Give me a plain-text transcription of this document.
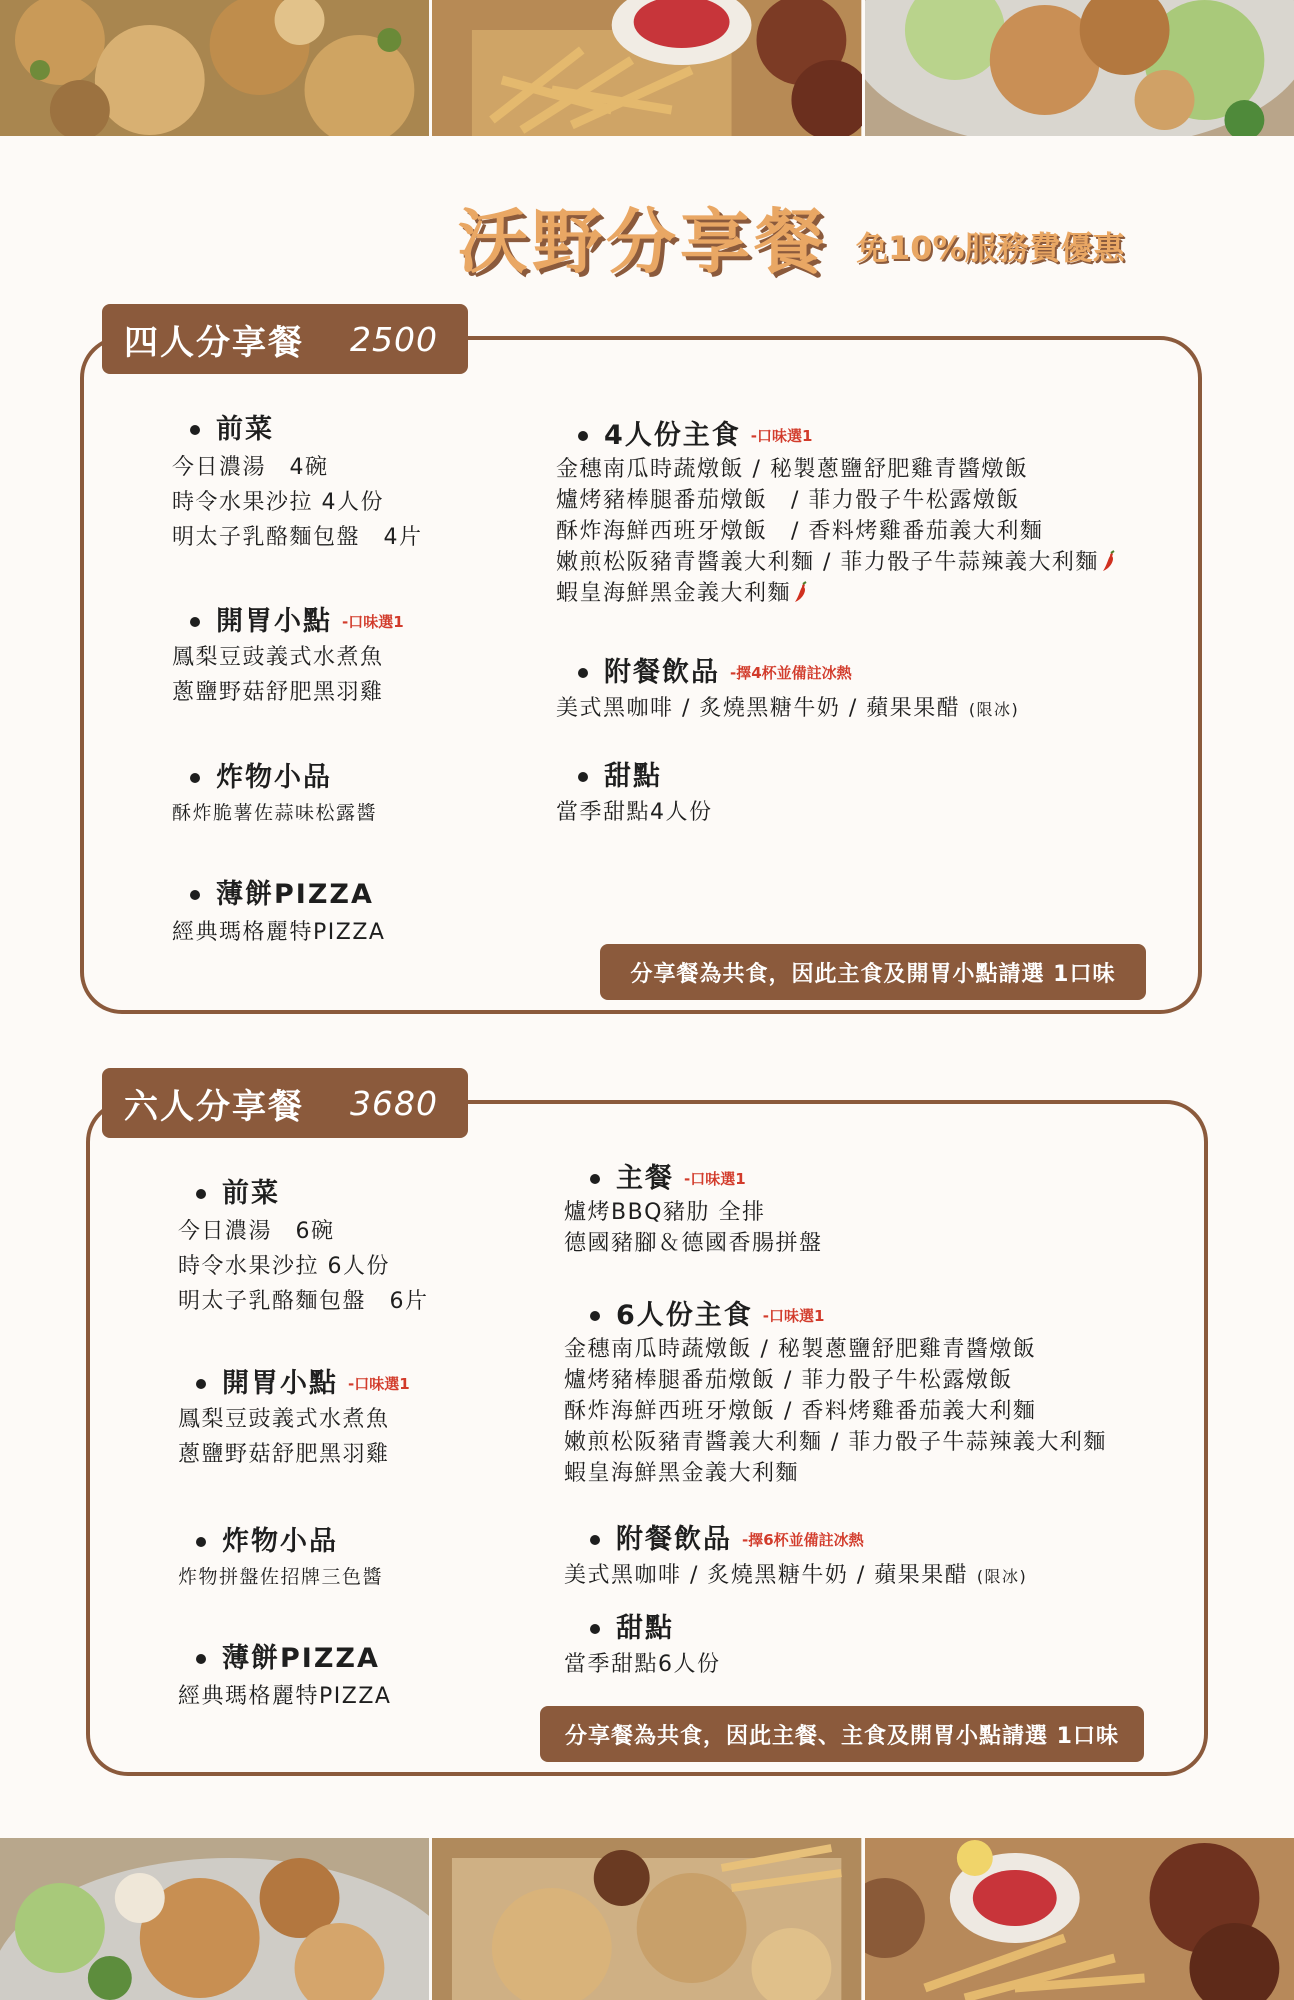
沃野分享餐 免10%服務費優惠
四人分享餐 2500
前菜
今日濃湯　4碗
時令水果沙拉 4人份
明太子乳酪麵包盤　4片
開胃小點 -口味選1
鳳梨豆豉義式水煮魚
蔥鹽野菇舒肥黑羽雞
炸物小品
酥炸脆薯佐蒜味松露醬
薄餅PIZZA
經典瑪格麗特PIZZA
4人份主食 -口味選1
金穗南瓜時蔬燉飯 / 秘製蔥鹽舒肥雞青醬燉飯
爐烤豬棒腿番茄燉飯　/ 菲力骰子牛松露燉飯
酥炸海鮮西班牙燉飯　/ 香料烤雞番茄義大利麵
嫩煎松阪豬青醬義大利麵 / 菲力骰子牛蒜辣義大利麵
蝦皇海鮮黑金義大利麵
附餐飲品 -擇4杯並備註冰熱
美式黑咖啡 / 炙燒黑糖牛奶 / 蘋果果醋 (限冰)
甜點
當季甜點4人份
分享餐為共食，因此主食及開胃小點請選 1口味
六人分享餐 3680
前菜
今日濃湯　6碗
時令水果沙拉 6人份
明太子乳酪麵包盤　6片
開胃小點 -口味選1
鳳梨豆豉義式水煮魚
蔥鹽野菇舒肥黑羽雞
炸物小品
炸物拼盤佐招牌三色醬
薄餅PIZZA
經典瑪格麗特PIZZA
主餐 -口味選1
爐烤BBQ豬肋 全排
德國豬腳＆德國香腸拼盤
6人份主食 -口味選1
金穗南瓜時蔬燉飯 / 秘製蔥鹽舒肥雞青醬燉飯
爐烤豬棒腿番茄燉飯 / 菲力骰子牛松露燉飯
酥炸海鮮西班牙燉飯 / 香料烤雞番茄義大利麵
嫩煎松阪豬青醬義大利麵 / 菲力骰子牛蒜辣義大利麵
蝦皇海鮮黑金義大利麵
附餐飲品 -擇6杯並備註冰熱
美式黑咖啡 / 炙燒黑糖牛奶 / 蘋果果醋 (限冰)
甜點
當季甜點6人份
分享餐為共食，因此主餐、主食及開胃小點請選 1口味
